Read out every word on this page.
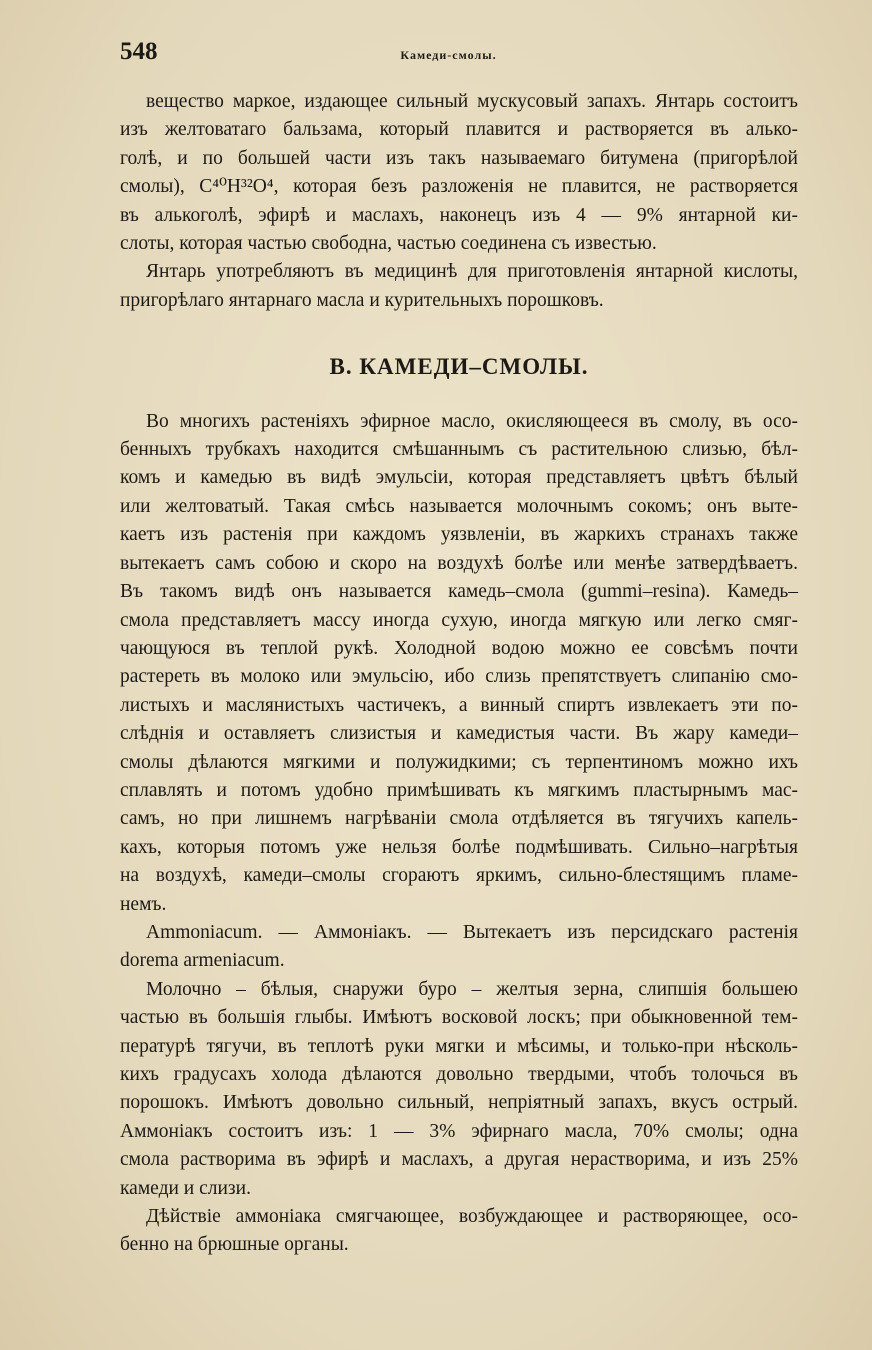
548	Камеди-смолы.
вещество маркое, издающее сильный мускусовый запахъ. Янтарь состоитъ
изъ желтоватаго бальзама, который плавится и растворяется въ алько-
голѣ, и по большей части изъ такъ называемаго битумена (пригорѣлой
смолы), C⁴⁰H³²O⁴, которая безъ разложенія не плавится, не растворяется
въ алькоголѣ, эфирѣ и маслахъ, наконецъ изъ 4 — 9% янтарной ки-
слоты, которая частью свободна, частью соединена съ известью.
Янтарь употребляютъ въ медицинѣ для приготовленія янтарной кислоты,
пригорѣлаго янтарнаго масла и курительныхъ порошковъ.
В. КАМЕДИ–СМОЛЫ.
Во многихъ растеніяхъ эфирное масло, окисляющееся въ смолу, въ осо-
бенныхъ трубкахъ находится смѣшаннымъ съ растительною слизью, бѣл-
комъ и камедью въ видѣ эмульсіи, которая представляетъ цвѣтъ бѣлый
или желтоватый. Такая смѣсь называется молочнымъ сокомъ; онъ выте-
каетъ изъ растенія при каждомъ уязвленіи, въ жаркихъ странахъ также
вытекаетъ самъ собою и скоро на воздухѣ болѣе или менѣе затвердѣваетъ.
Въ такомъ видѣ онъ называется камедь–смола (gummi–resina). Камедь–
смола представляетъ массу иногда сухую, иногда мягкую или легко смяг-
чающуюся въ теплой рукѣ. Холодной водою можно ее совсѣмъ почти
растереть въ молоко или эмульсію, ибо слизь препятствуетъ слипанію смо-
листыхъ и маслянистыхъ частичекъ, а винный спиртъ извлекаетъ эти по-
слѣднія и оставляетъ слизистыя и камедистыя части. Въ жару камеди–
смолы дѣлаются мягкими и полужидкими; съ терпентиномъ можно ихъ
сплавлять и потомъ удобно примѣшивать къ мягкимъ пластырнымъ мас-
самъ, но при лишнемъ нагрѣваніи смола отдѣляется въ тягучихъ капель-
кахъ, которыя потомъ уже нельзя болѣе подмѣшивать. Сильно–нагрѣтыя
на воздухѣ, камеди–смолы сгораютъ яркимъ, сильно-блестящимъ пламе-
немъ.
Ammoniacum. — Аммоніакъ. — Вытекаетъ изъ персидскаго растенія
dorema armeniacum.
Молочно – бѣлыя, снаружи буро – желтыя зерна, слипшія большею
частью въ большія глыбы. Имѣютъ восковой лоскъ; при обыкновенной тем-
пературѣ тягучи, въ теплотѣ руки мягки и мѣсимы, и только-при нѣсколь-
кихъ градусахъ холода дѣлаются довольно твердыми, чтобъ толочься въ
порошокъ. Имѣютъ довольно сильный, непріятный запахъ, вкусъ острый.
Аммоніакъ состоитъ изъ: 1 — 3% эфирнаго масла, 70% смолы; одна
смола растворима въ эфирѣ и маслахъ, а другая нерастворима, и изъ 25%
камеди и слизи.
Дѣйствіе аммоніака смягчающее, возбуждающее и растворяющее, осо-
бенно на брюшные органы.
